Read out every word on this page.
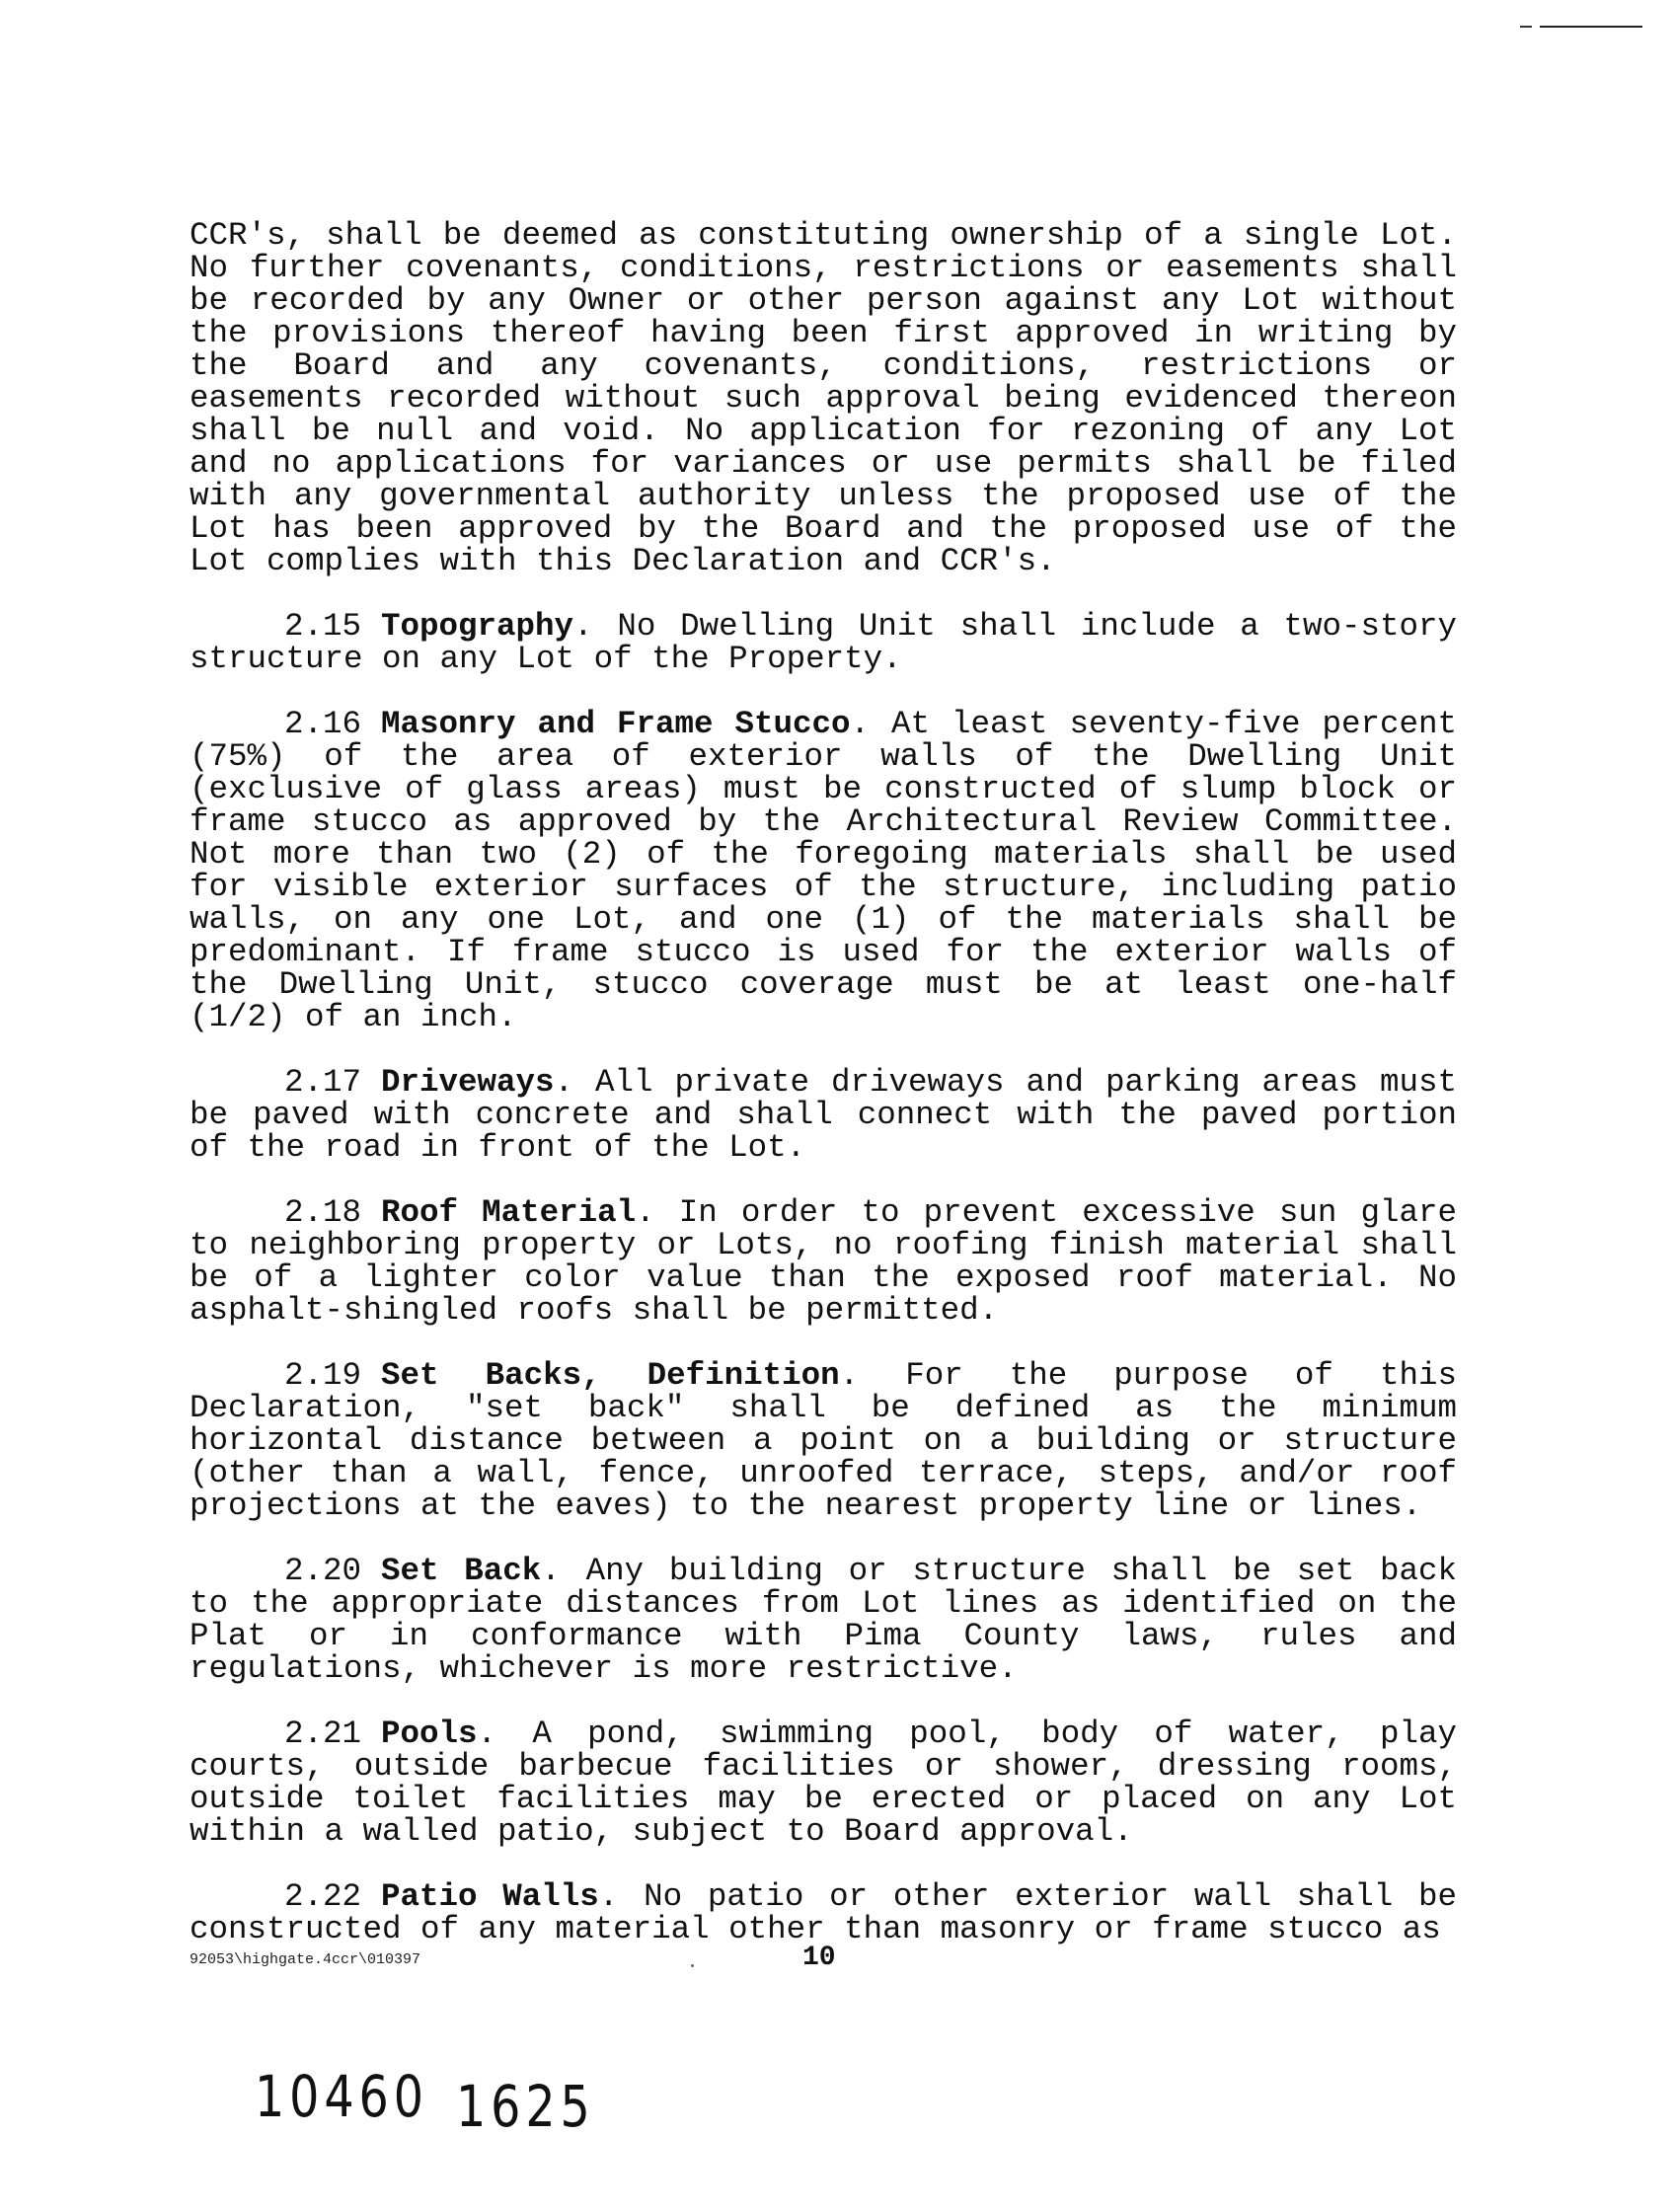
CCR's, shall be deemed as constituting ownership of a single Lot. No further covenants, conditions, restrictions or easements shall be recorded by any Owner or other person against any Lot without the provisions thereof having been first approved in writing by the Board and any covenants, conditions, restrictions or easements recorded without such approval being evidenced thereon shall be null and void. No application for rezoning of any Lot and no applications for variances or use permits shall be filed with any governmental authority unless the proposed use of the Lot has been approved by the Board and the proposed use of the Lot complies with this Declaration and CCR's.

2.15 Topography. No Dwelling Unit shall include a two-story structure on any Lot of the Property.

2.16 Masonry and Frame Stucco. At least seventy-five percent (75%) of the area of exterior walls of the Dwelling Unit (exclusive of glass areas) must be constructed of slump block or frame stucco as approved by the Architectural Review Committee. Not more than two (2) of the foregoing materials shall be used for visible exterior surfaces of the structure, including patio walls, on any one Lot, and one (1) of the materials shall be predominant. If frame stucco is used for the exterior walls of the Dwelling Unit, stucco coverage must be at least one-half (1/2) of an inch.

2.17 Driveways. All private driveways and parking areas must be paved with concrete and shall connect with the paved portion of the road in front of the Lot.

2.18 Roof Material. In order to prevent excessive sun glare to neighboring property or Lots, no roofing finish material shall be of a lighter color value than the exposed roof material. No asphalt-shingled roofs shall be permitted.

2.19 Set Backs, Definition. For the purpose of this Declaration, "set back" shall be defined as the minimum horizontal distance between a point on a building or structure (other than a wall, fence, unroofed terrace, steps, and/or roof projections at the eaves) to the nearest property line or lines.

2.20 Set Back. Any building or structure shall be set back to the appropriate distances from Lot lines as identified on the Plat or in conformance with Pima County laws, rules and regulations, whichever is more restrictive.

2.21 Pools. A pond, swimming pool, body of water, play courts, outside barbecue facilities or shower, dressing rooms, outside toilet facilities may be erected or placed on any Lot within a walled patio, subject to Board approval.

2.22 Patio Walls. No patio or other exterior wall shall be constructed of any material other than masonry or frame stucco as

92053\highgate.4ccr\010397	10
10460 1625
